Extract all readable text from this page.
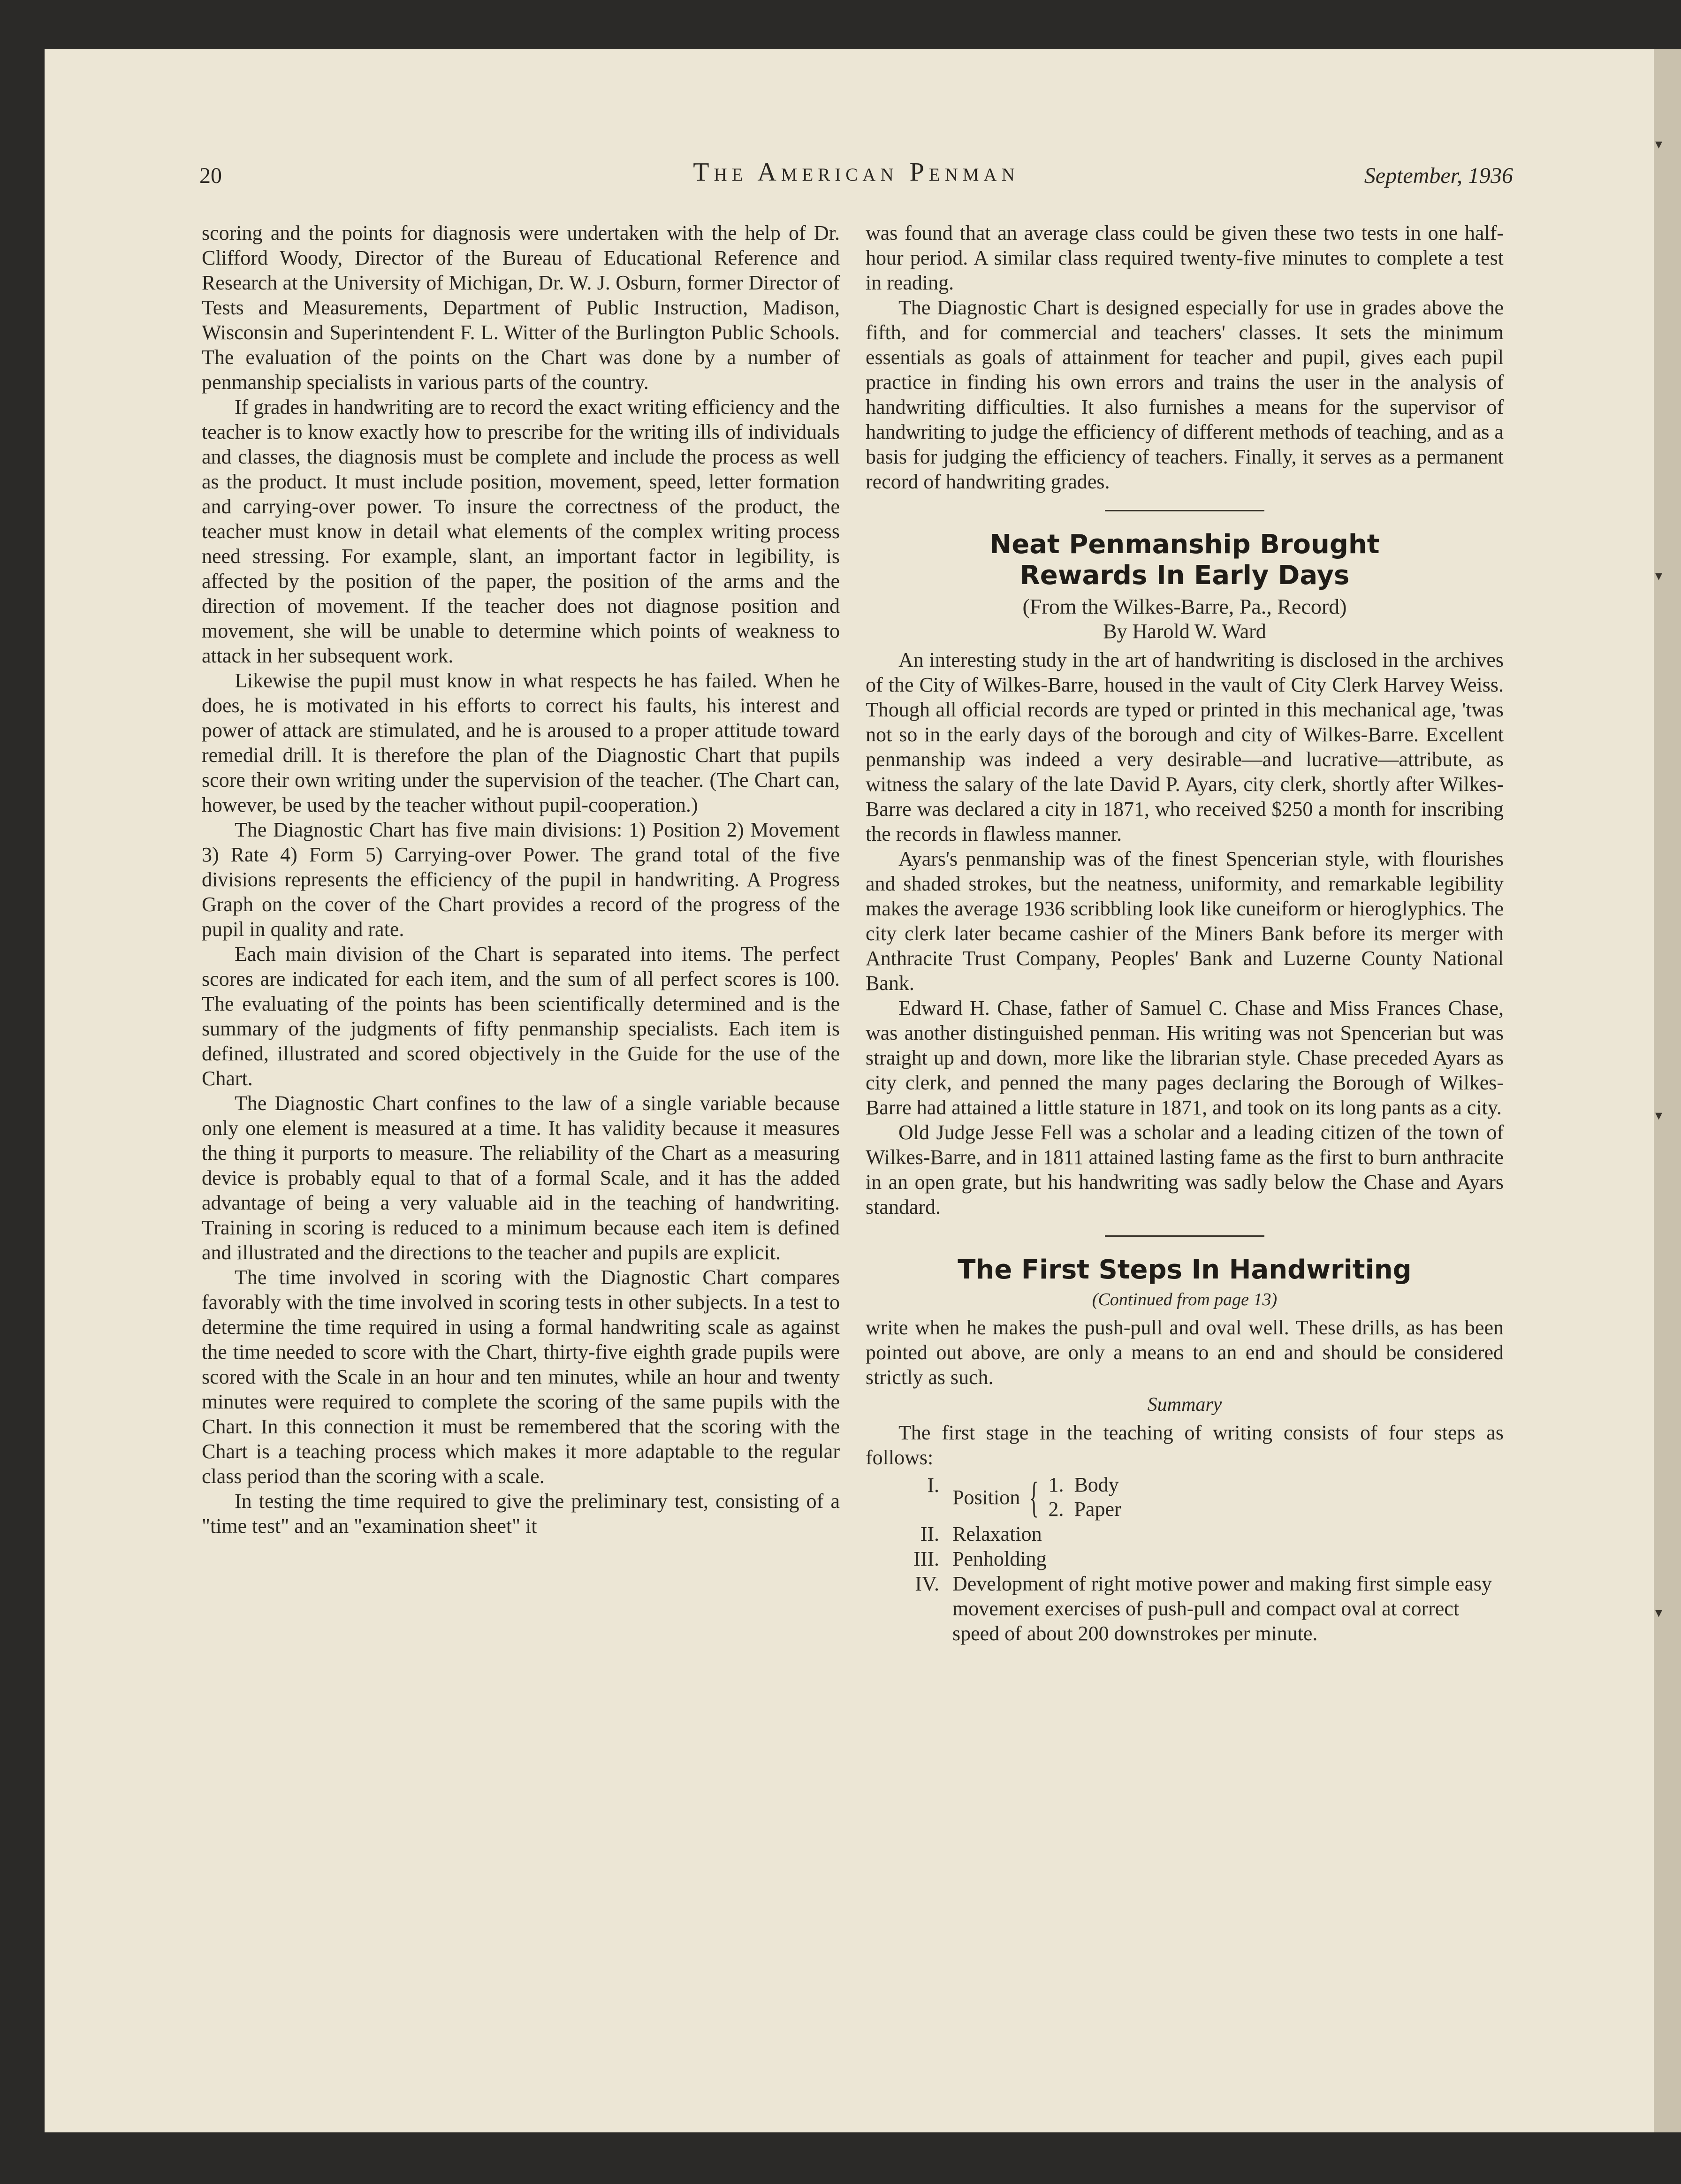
20	The American Penman	September, 1936

scoring and the points for diagnosis were undertaken with the help of Dr. Clifford Woody, Director of the Bureau of Educational Reference and Research at the University of Michigan, Dr. W. J. Osburn, former Director of Tests and Measurements, Department of Public Instruction, Madison, Wisconsin and Superintendent F. L. Witter of the Burlington Public Schools. The evaluation of the points on the Chart was done by a number of penmanship specialists in various parts of the country.

If grades in handwriting are to record the exact writing efficiency and the teacher is to know exactly how to prescribe for the writing ills of individuals and classes, the diagnosis must be complete and include the process as well as the product. It must include position, movement, speed, letter formation and carrying-over power. To insure the correctness of the product, the teacher must know in detail what elements of the complex writing process need stressing. For example, slant, an important factor in legibility, is affected by the position of the paper, the position of the arms and the direction of movement. If the teacher does not diagnose position and movement, she will be unable to determine which points of weakness to attack in her subsequent work.

Likewise the pupil must know in what respects he has failed. When he does, he is motivated in his efforts to correct his faults, his interest and power of attack are stimulated, and he is aroused to a proper attitude toward remedial drill. It is therefore the plan of the Diagnostic Chart that pupils score their own writing under the supervision of the teacher. (The Chart can, however, be used by the teacher without pupil-cooperation.)

The Diagnostic Chart has five main divisions: 1) Position 2) Movement 3) Rate 4) Form 5) Carrying-over Power. The grand total of the five divisions represents the efficiency of the pupil in handwriting. A Progress Graph on the cover of the Chart provides a record of the progress of the pupil in quality and rate.

Each main division of the Chart is separated into items. The perfect scores are indicated for each item, and the sum of all perfect scores is 100. The evaluating of the points has been scientifically determined and is the summary of the judgments of fifty penmanship specialists. Each item is defined, illustrated and scored objectively in the Guide for the use of the Chart.

The Diagnostic Chart confines to the law of a single variable because only one element is measured at a time. It has validity because it measures the thing it purports to measure. The reliability of the Chart as a measuring device is probably equal to that of a formal Scale, and it has the added advantage of being a very valuable aid in the teaching of handwriting. Training in scoring is reduced to a minimum because each item is defined and illustrated and the directions to the teacher and pupils are explicit.

The time involved in scoring with the Diagnostic Chart compares favorably with the time involved in scoring tests in other subjects. In a test to determine the time required in using a formal handwriting scale as against the time needed to score with the Chart, thirty-five eighth grade pupils were scored with the Scale in an hour and ten minutes, while an hour and twenty minutes were required to complete the scoring of the same pupils with the Chart. In this connection it must be remembered that the scoring with the Chart is a teaching process which makes it more adaptable to the regular class period than the scoring with a scale.

In testing the time required to give the preliminary test, consisting of a "time test" and an "examination sheet" it

was found that an average class could be given these two tests in one half-hour period. A similar class required twenty-five minutes to complete a test in reading.

The Diagnostic Chart is designed especially for use in grades above the fifth, and for commercial and teachers' classes. It sets the minimum essentials as goals of attainment for teacher and pupil, gives each pupil practice in finding his own errors and trains the user in the analysis of handwriting difficulties. It also furnishes a means for the supervisor of handwriting to judge the efficiency of different methods of teaching, and as a basis for judging the efficiency of teachers. Finally, it serves as a permanent record of handwriting grades.

Neat Penmanship Brought
Rewards In Early Days
(From the Wilkes-Barre, Pa., Record)
By Harold W. Ward

An interesting study in the art of handwriting is disclosed in the archives of the City of Wilkes-Barre, housed in the vault of City Clerk Harvey Weiss. Though all official records are typed or printed in this mechanical age, 'twas not so in the early days of the borough and city of Wilkes-Barre. Excellent penmanship was indeed a very desirable—and lucrative—attribute, as witness the salary of the late David P. Ayars, city clerk, shortly after Wilkes-Barre was declared a city in 1871, who received $250 a month for inscribing the records in flawless manner.

Ayars's penmanship was of the finest Spencerian style, with flourishes and shaded strokes, but the neatness, uniformity, and remarkable legibility makes the average 1936 scribbling look like cuneiform or hieroglyphics. The city clerk later became cashier of the Miners Bank before its merger with Anthracite Trust Company, Peoples' Bank and Luzerne County National Bank.

Edward H. Chase, father of Samuel C. Chase and Miss Frances Chase, was another distinguished penman. His writing was not Spencerian but was straight up and down, more like the librarian style. Chase preceded Ayars as city clerk, and penned the many pages declaring the Borough of Wilkes-Barre had attained a little stature in 1871, and took on its long pants as a city.

Old Judge Jesse Fell was a scholar and a leading citizen of the town of Wilkes-Barre, and in 1811 attained lasting fame as the first to burn anthracite in an open grate, but his handwriting was sadly below the Chase and Ayars standard.

The First Steps In Handwriting
(Continued from page 13)

write when he makes the push-pull and oval well. These drills, as has been pointed out above, are only a means to an end and should be considered strictly as such.

Summary

The first stage in the teaching of writing consists of four steps as follows:

I.
Position { 1.  Body
2.  Paper
II. Relaxation
III. Penholding
IV. Development of right motive power and making first simple easy movement exercises of push-pull and compact oval at correct speed of about 200 downstrokes per minute.
▾
▾
▾
▾
